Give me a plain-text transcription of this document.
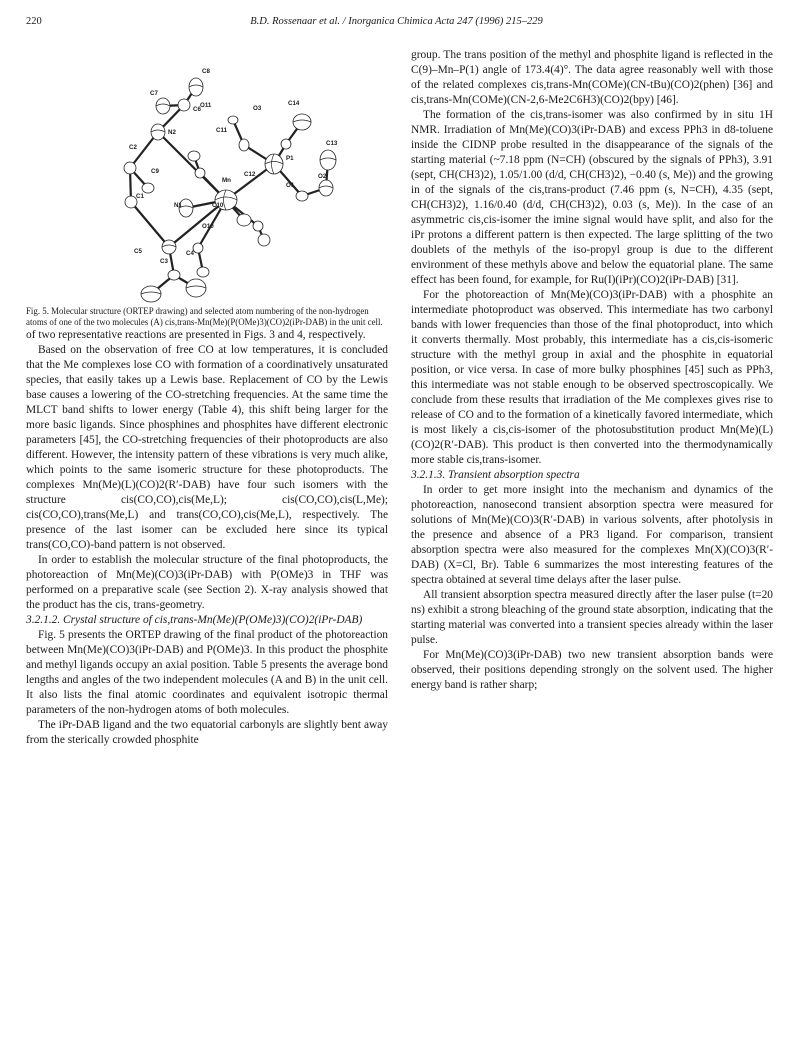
220	B.D. Rossenaar et al. / Inorganica Chimica Acta 247 (1996) 215–229
C8
C7
C6
C14
O11	O3
C11
N2
C13
C2
P1
C9
Mn
C12	O2
O1
C1
N1	C10
O10
C5
C3
C4

Fig. 5. Molecular structure (ORTEP drawing) and selected atom numbering of the non-hydrogen atoms of one of the two molecules (A) cis,trans-Mn(Me)(P(OMe)3)(CO)2(iPr-DAB) in the unit cell.

of two representative reactions are presented in Figs. 3 and 4, respectively.

Based on the observation of free CO at low temperatures, it is concluded that the Me complexes lose CO with formation of a coordinatively unsaturated species, that easily takes up a Lewis base. Replacement of CO by the Lewis base causes a lowering of the CO-stretching frequencies. At the same time the MLCT band shifts to lower energy (Table 4), this shift being larger for the more basic ligands. Since phosphines and phosphites have different electronic parameters [45], the CO-stretching frequencies of their photoproducts are also different. However, the intensity pattern of these vibrations is very much alike, which points to the same isomeric structure for these photoproducts. The complexes Mn(Me)(L)(CO)2(R′-DAB) have four such isomers with the structure cis(CO,CO),cis(Me,L); cis(CO,CO),cis(L,Me); cis(CO,CO),trans(Me,L) and trans(CO,CO),cis(Me,L), respectively. The presence of the last isomer can be excluded here since its typical trans(CO,CO)-band pattern is not observed.

In order to establish the molecular structure of the final photoproducts, the photoreaction of Mn(Me)(CO)3(iPr-DAB) with P(OMe)3 in THF was performed on a preparative scale (see Section 2). X-ray analysis showed that the product has the cis, trans-geometry.

3.2.1.2. Crystal structure of cis,trans-Mn(Me)(P(OMe)3)(CO)2(iPr-DAB)

Fig. 5 presents the ORTEP drawing of the final product of the photoreaction between Mn(Me)(CO)3(iPr-DAB) and P(OMe)3. In this product the phosphite and methyl ligands occupy an axial position. Table 5 presents the average bond lengths and angles of the two independent molecules (A and B) in the unit cell. It also lists the final atomic coordinates and equivalent isotropic thermal parameters of the non-hydrogen atoms of both molecules.

The iPr-DAB ligand and the two equatorial carbonyls are slightly bent away from the sterically crowded phosphite

group. The trans position of the methyl and phosphite ligand is reflected in the C(9)–Mn–P(1) angle of 173.4(4)°. The data agree reasonably well with those of the related complexes cis,trans-Mn(COMe)(CN-tBu)(CO)2(phen) [36] and cis,trans-Mn(COMe)(CN-2,6-Me2C6H3)(CO)2(bpy) [46].

The formation of the cis,trans-isomer was also confirmed by in situ 1H NMR. Irradiation of Mn(Me)(CO)3(iPr-DAB) and excess PPh3 in d8-toluene inside the CIDNP probe resulted in the disappearance of the signals of the starting material (~7.18 ppm (N=CH) (obscured by the signals of PPh3), 3.91 (sept, CH(CH3)2), 1.05/1.00 (d/d, CH(CH3)2), −0.40 (s, Me)) and the growing in of the signals of the cis,trans-product (7.46 ppm (s, N=CH), 4.35 (sept, CH(CH3)2), 1.16/0.40 (d/d, CH(CH3)2), 0.03 (s, Me)). In the case of an asymmetric cis,cis-isomer the imine signal would have split, and also for the iPr protons a different pattern is then expected. The large splitting of the two doublets of the methyls of the iso-propyl group is due to the different environment of these methyls above and below the equatorial plane. The same effect has been found, for example, for Ru(I)(iPr)(CO)2(iPr-DAB) [31].

For the photoreaction of Mn(Me)(CO)3(iPr-DAB) with a phosphite an intermediate photoproduct was observed. This intermediate has two carbonyl bands with lower frequencies than those of the final photoproduct, into which it converts thermally. Most probably, this intermediate has a cis,cis-isomeric structure with the methyl group in axial and the phosphite in equatorial position, or vice versa. In case of more bulky phosphines [45] such as PPh3, this intermediate was not stable enough to be observed spectroscopically. We conclude from these results that irradiation of the Me complexes gives rise to release of CO and to the formation of a kinetically favored intermediate, which is most likely a cis,cis-isomer of the photosubstitution product Mn(Me)(L)(CO)2(R′-DAB). This product is then converted into the thermodynamically more stable cis,trans-isomer.

3.2.1.3. Transient absorption spectra

In order to get more insight into the mechanism and dynamics of the photoreaction, nanosecond transient absorption spectra were measured for solutions of Mn(Me)(CO)3(R′-DAB) in various solvents, after photolysis in the presence and absence of a PR3 ligand. For comparison, transient absorption spectra were also measured for the complexes Mn(X)(CO)3(R′-DAB) (X=Cl, Br). Table 6 summarizes the most interesting features of the spectra obtained at several time delays after the laser pulse.

All transient absorption spectra measured directly after the laser pulse (t=20 ns) exhibit a strong bleaching of the ground state absorption, indicating that the starting material was converted into a transient species already within the laser pulse.

For Mn(Me)(CO)3(iPr-DAB) two new transient absorption bands were observed, their positions depending strongly on the solvent used. The higher energy band is rather sharp;
